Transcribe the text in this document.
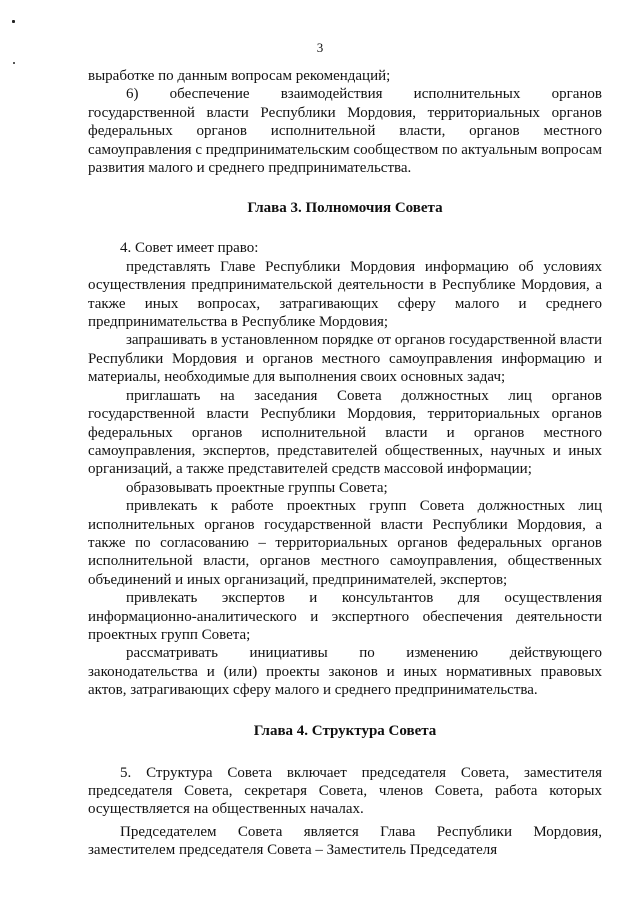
3

выработке по данным вопросам рекомендаций;

6) обеспечение взаимодействия исполнительных органов государственной власти Республики Мордовия, территориальных органов федеральных органов исполнительной власти, органов местного самоуправления с предпринимательским сообществом по актуальным вопросам развития малого и среднего предпринимательства.

Глава 3. Полномочия Совета

4. Совет имеет право:

представлять Главе Республики Мордовия информацию об условиях осуществления предпринимательской деятельности в Республике Мордовия, а также иных вопросах, затрагивающих сферу малого и среднего предпринимательства в Республике Мордовия;

запрашивать в установленном порядке от органов государственной власти Республики Мордовия и органов местного самоуправления информацию и материалы, необходимые для выполнения своих основных задач;

приглашать на заседания Совета должностных лиц органов государственной власти Республики Мордовия, территориальных органов федеральных органов исполнительной власти и органов местного самоуправления, экспертов, представителей общественных, научных и иных организаций, а также представителей средств массовой информации;

образовывать проектные группы Совета;

привлекать к работе проектных групп Совета должностных лиц исполнительных органов государственной власти Республики Мордовия, а также по согласованию – территориальных органов федеральных органов исполнительной власти, органов местного самоуправления, общественных объединений и иных организаций, предпринимателей, экспертов;

привлекать экспертов и консультантов для осуществления информационно-аналитического и экспертного обеспечения деятельности проектных групп Совета;

рассматривать инициативы по изменению действующего законодательства и (или) проекты законов и иных нормативных правовых актов, затрагивающих сферу малого и среднего предпринимательства.

Глава 4. Структура Совета

5. Структура Совета включает председателя Совета, заместителя председателя Совета, секретаря Совета, членов Совета, работа которых осуществляется на общественных началах.

Председателем Совета является Глава Республики Мордовия, заместителем председателя Совета – Заместитель Председателя
